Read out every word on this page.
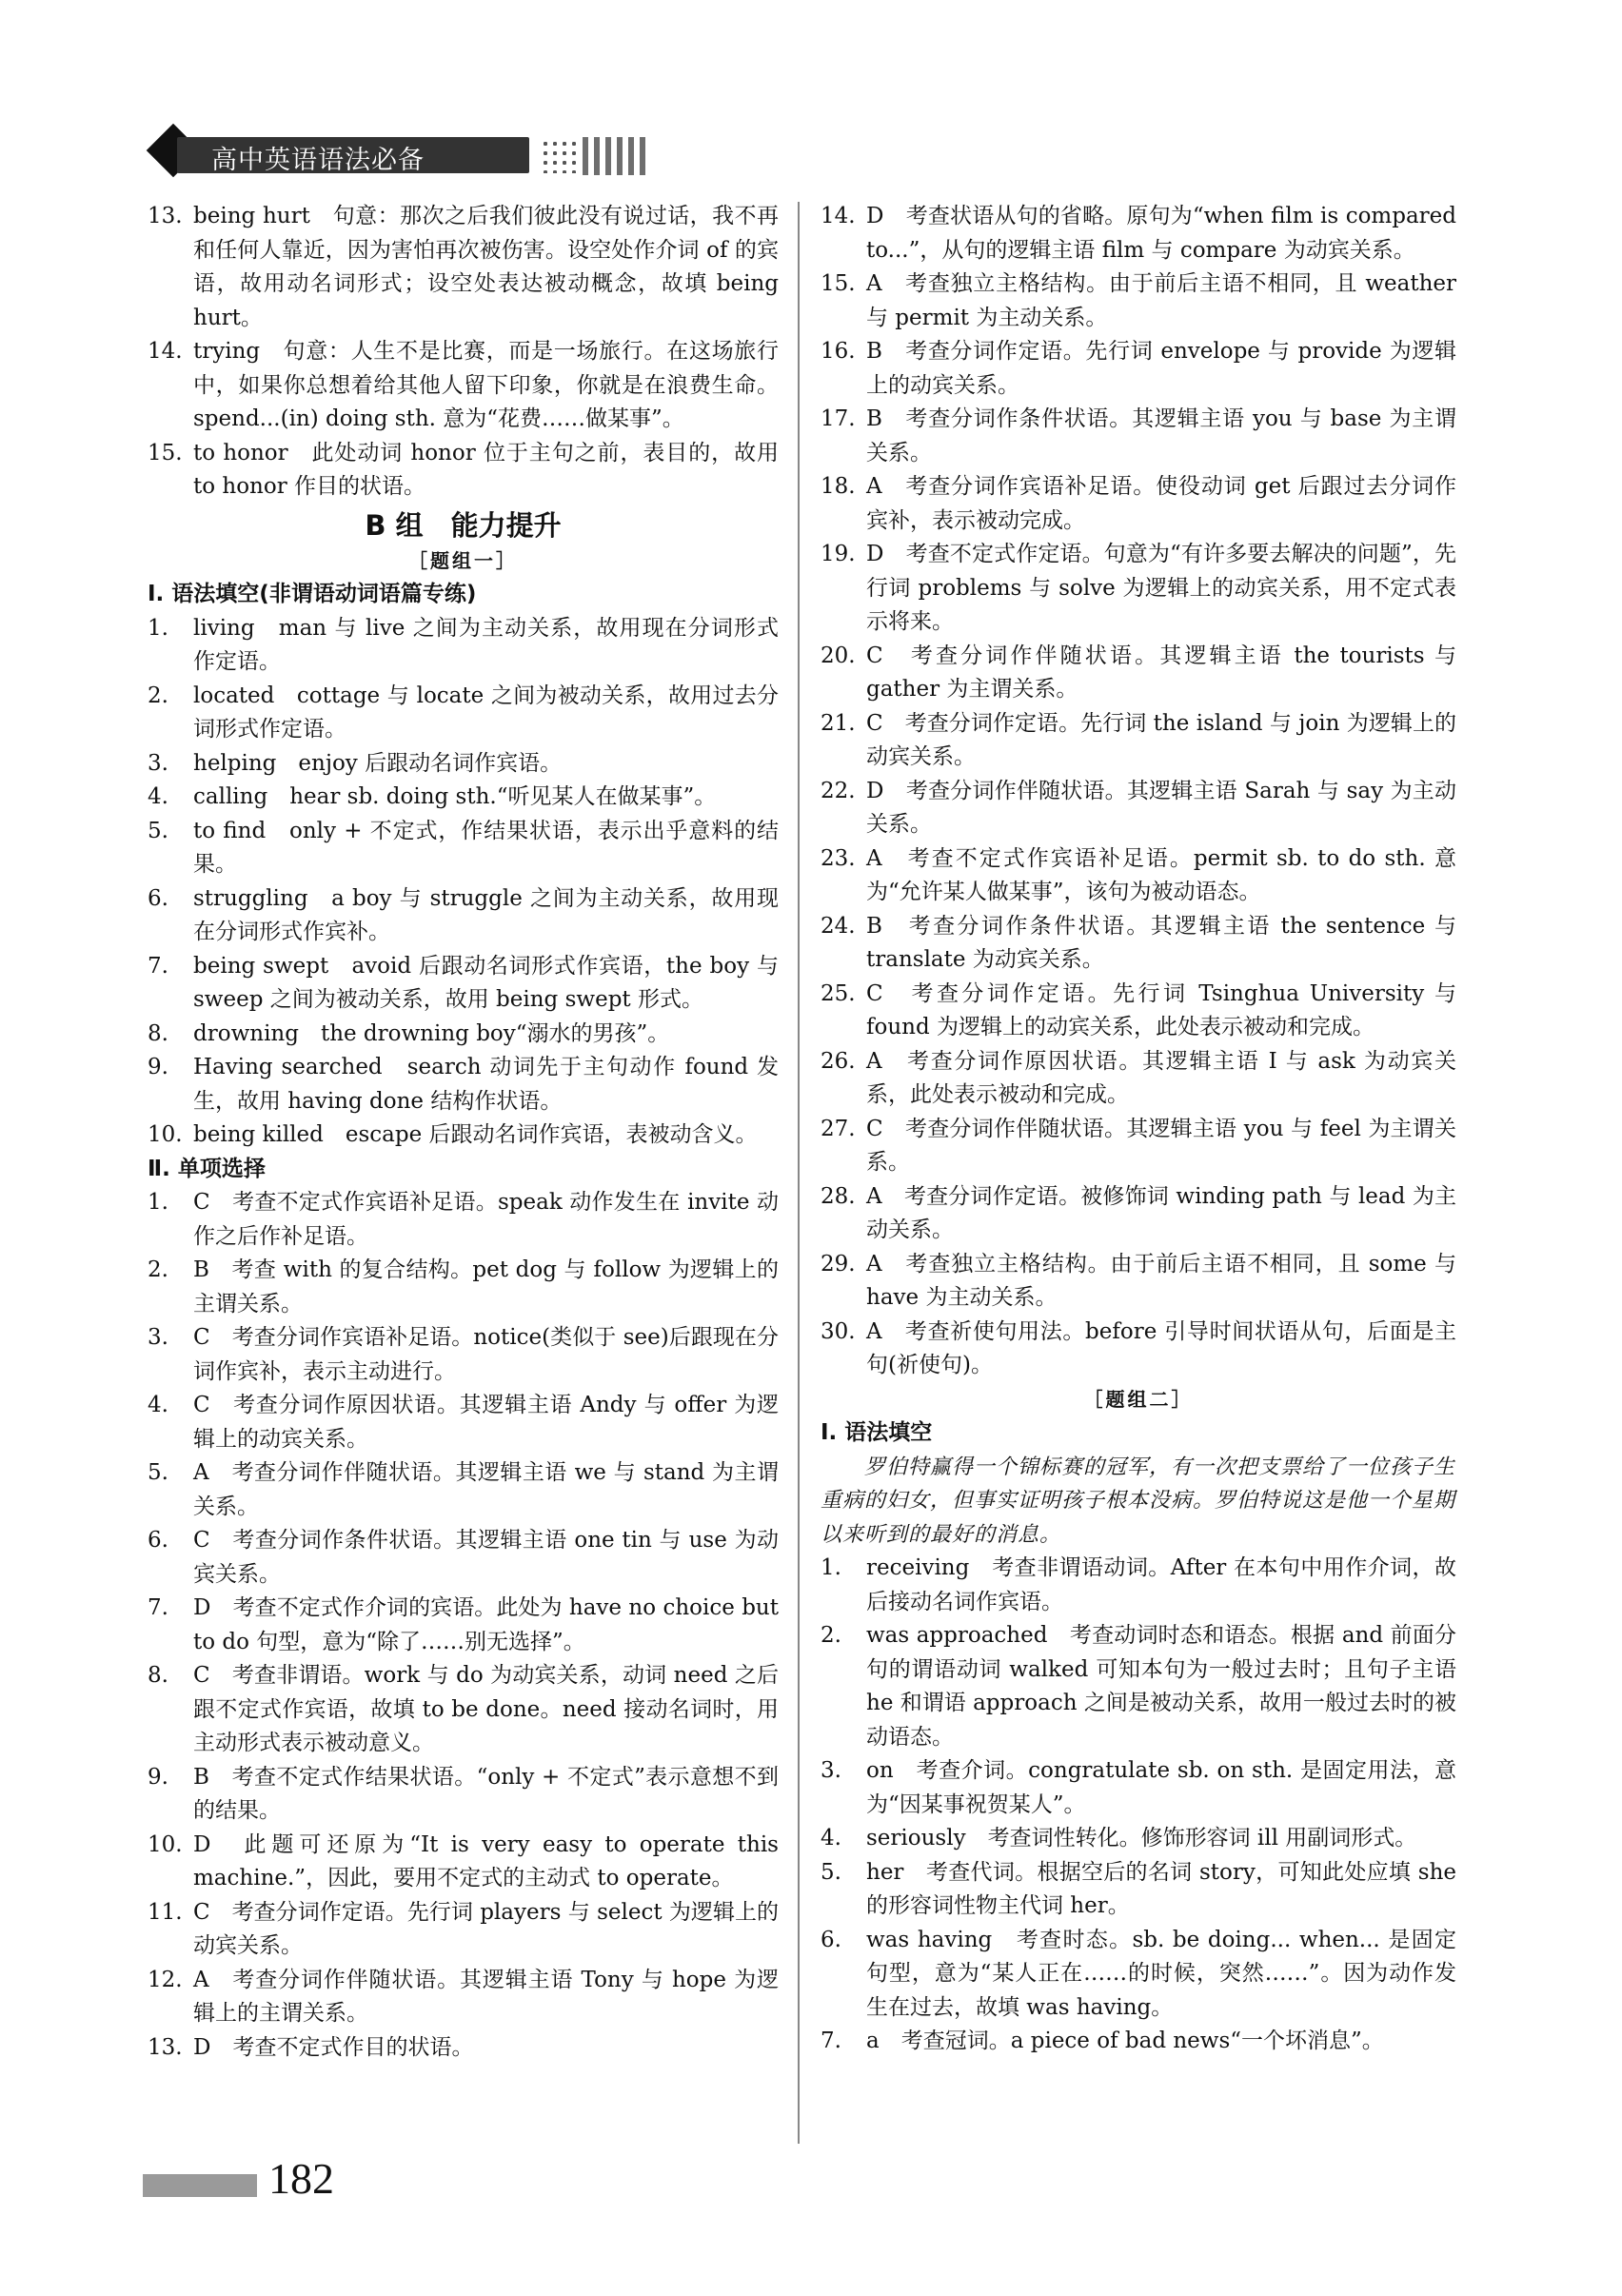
高中英语语法必备
13. being hurt　句意：那次之后我们彼此没有说过话，我不再和任何人靠近，因为害怕再次被伤害。设空处作介词 of 的宾语，故用动名词形式；设空处表达被动概念，故填 being hurt。
14. trying　句意：人生不是比赛，而是一场旅行。在这场旅行中，如果你总想着给其他人留下印象，你就是在浪费生命。spend...(in) doing sth. 意为“花费……做某事”。
15. to honor　此处动词 honor 位于主句之前，表目的，故用 to honor 作目的状语。
B 组　能力提升
［题组一］
Ⅰ. 语法填空(非谓语动词语篇专练)
1. living　man 与 live 之间为主动关系，故用现在分词形式作定语。
2. located　cottage 与 locate 之间为被动关系，故用过去分词形式作定语。
3. helping　enjoy 后跟动名词作宾语。
4. calling　hear sb. doing sth.“听见某人在做某事”。
5. to find　only + 不定式，作结果状语，表示出乎意料的结果。
6. struggling　a boy 与 struggle 之间为主动关系，故用现在分词形式作宾补。
7. being swept　avoid 后跟动名词形式作宾语，the boy 与 sweep 之间为被动关系，故用 being swept 形式。
8. drowning　the drowning boy“溺水的男孩”。
9. Having searched　search 动词先于主句动作 found 发生，故用 having done 结构作状语。
10. being killed　escape 后跟动名词作宾语，表被动含义。
Ⅱ. 单项选择
1. C　考查不定式作宾语补足语。speak 动作发生在 invite 动作之后作补足语。
2. B　考查 with 的复合结构。pet dog 与 follow 为逻辑上的主谓关系。
3. C　考查分词作宾语补足语。notice(类似于 see)后跟现在分词作宾补，表示主动进行。
4. C　考查分词作原因状语。其逻辑主语 Andy 与 offer 为逻辑上的动宾关系。
5. A　考查分词作伴随状语。其逻辑主语 we 与 stand 为主谓关系。
6. C　考查分词作条件状语。其逻辑主语 one tin 与 use 为动宾关系。
7. D　考查不定式作介词的宾语。此处为 have no choice but to do 句型，意为“除了……别无选择”。
8. C　考查非谓语。work 与 do 为动宾关系，动词 need 之后跟不定式作宾语，故填 to be done。need 接动名词时，用主动形式表示被动意义。
9. B　考查不定式作结果状语。“only + 不定式”表示意想不到的结果。
10. D　此题可还原为“It is very easy to operate this machine.”，因此，要用不定式的主动式 to operate。
11. C　考查分词作定语。先行词 players 与 select 为逻辑上的动宾关系。
12. A　考查分词作伴随状语。其逻辑主语 Tony 与 hope 为逻辑上的主谓关系。
13. D　考查不定式作目的状语。
14. D　考查状语从句的省略。原句为“when film is compared to...”，从句的逻辑主语 film 与 compare 为动宾关系。
15. A　考查独立主格结构。由于前后主语不相同，且 weather 与 permit 为主动关系。
16. B　考查分词作定语。先行词 envelope 与 provide 为逻辑上的动宾关系。
17. B　考查分词作条件状语。其逻辑主语 you 与 base 为主谓关系。
18. A　考查分词作宾语补足语。使役动词 get 后跟过去分词作宾补，表示被动完成。
19. D　考查不定式作定语。句意为“有许多要去解决的问题”，先行词 problems 与 solve 为逻辑上的动宾关系，用不定式表示将来。
20. C　考查分词作伴随状语。其逻辑主语 the tourists 与 gather 为主谓关系。
21. C　考查分词作定语。先行词 the island 与 join 为逻辑上的动宾关系。
22. D　考查分词作伴随状语。其逻辑主语 Sarah 与 say 为主动关系。
23. A　考查不定式作宾语补足语。permit sb. to do sth. 意为“允许某人做某事”，该句为被动语态。
24. B　考查分词作条件状语。其逻辑主语 the sentence 与 translate 为动宾关系。
25. C　考查分词作定语。先行词 Tsinghua University 与 found 为逻辑上的动宾关系，此处表示被动和完成。
26. A　考查分词作原因状语。其逻辑主语 I 与 ask 为动宾关系，此处表示被动和完成。
27. C　考查分词作伴随状语。其逻辑主语 you 与 feel 为主谓关系。
28. A　考查分词作定语。被修饰词 winding path 与 lead 为主动关系。
29. A　考查独立主格结构。由于前后主语不相同，且 some 与 have 为主动关系。
30. A　考查祈使句用法。before 引导时间状语从句，后面是主句(祈使句)。
［题组二］
Ⅰ. 语法填空
罗伯特赢得一个锦标赛的冠军，有一次把支票给了一位孩子生重病的妇女，但事实证明孩子根本没病。罗伯特说这是他一个星期以来听到的最好的消息。
1. receiving　考查非谓语动词。After 在本句中用作介词，故后接动名词作宾语。
2. was approached　考查动词时态和语态。根据 and 前面分句的谓语动词 walked 可知本句为一般过去时；且句子主语 he 和谓语 approach 之间是被动关系，故用一般过去时的被动语态。
3. on　考查介词。congratulate sb. on sth. 是固定用法，意为“因某事祝贺某人”。
4. seriously　考查词性转化。修饰形容词 ill 用副词形式。
5. her　考查代词。根据空后的名词 story，可知此处应填 she 的形容词性物主代词 her。
6. was having　考查时态。sb. be doing... when... 是固定句型，意为“某人正在……的时候，突然……”。因为动作发生在过去，故填 was having。
7. a　考查冠词。a piece of bad news“一个坏消息”。
182
